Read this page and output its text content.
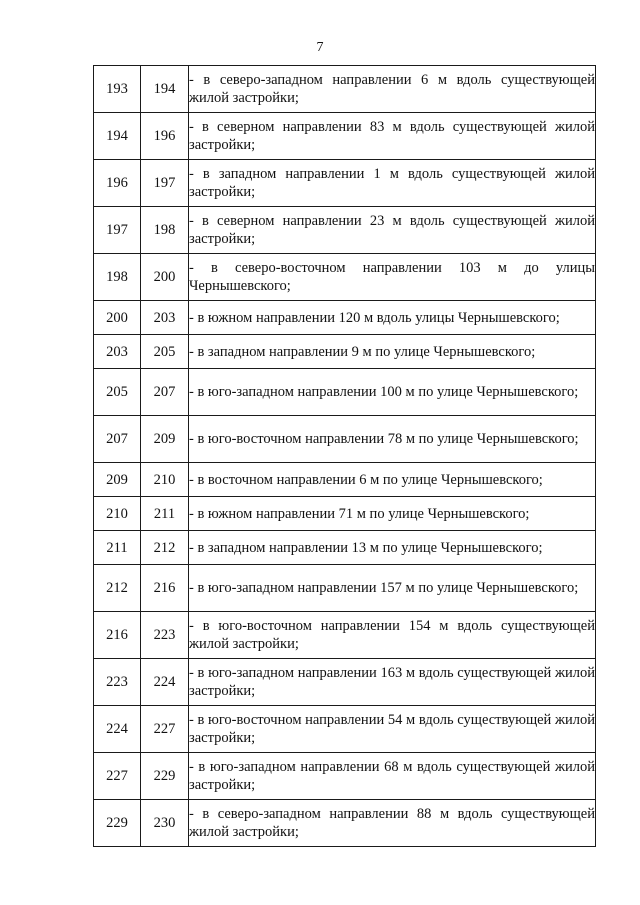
7
193	194	- в северо-западном направлении 6 м вдоль существующей жилой застройки;
194	196	- в северном направлении 83 м вдоль существующей жилой застройки;
196	197	- в западном направлении 1 м вдоль существующей жилой застройки;
197	198	- в северном направлении 23 м вдоль существующей жилой застройки;
198	200	- в северо-восточном направлении 103 м до улицы Чернышевского;
200	203	- в южном направлении 120 м вдоль улицы Чернышевского;
203	205	- в западном направлении 9 м по улице Чернышевского;
205	207	- в юго-западном направлении 100 м по улице Чернышевского;
207	209	- в юго-восточном направлении 78 м по улице Чернышевского;
209	210	- в восточном направлении 6 м по улице Чернышевского;
210	211	- в южном направлении 71 м по улице Чернышевского;
211	212	- в западном направлении 13 м по улице Чернышевского;
212	216	- в юго-западном направлении 157 м по улице Чернышевского;
216	223	- в юго-восточном направлении 154 м вдоль существующей жилой застройки;
223	224	- в юго-западном направлении 163 м вдоль существующей жилой застройки;
224	227	- в юго-восточном направлении 54 м вдоль существующей жилой застройки;
227	229	- в юго-западном направлении 68 м вдоль существующей жилой застройки;
229	230	- в северо-западном направлении 88 м вдоль существующей жилой застройки;
